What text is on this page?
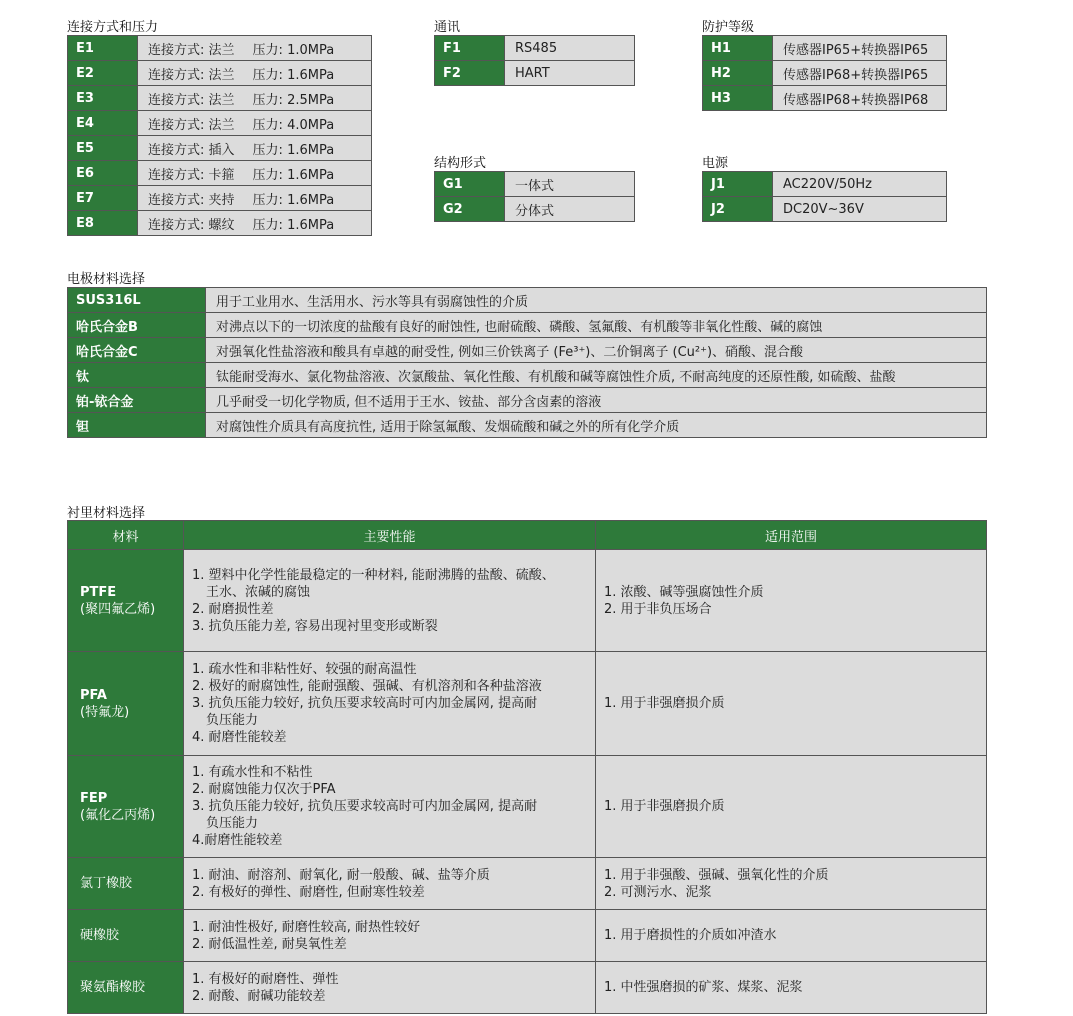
连接方式和压力
E1	连接方式: 法兰 压力: 1.0MPa
E2	连接方式: 法兰 压力: 1.6MPa
E3	连接方式: 法兰 压力: 2.5MPa
E4	连接方式: 法兰 压力: 4.0MPa
E5	连接方式: 插入 压力: 1.6MPa
E6	连接方式: 卡箍 压力: 1.6MPa
E7	连接方式: 夹持 压力: 1.6MPa
E8	连接方式: 螺纹 压力: 1.6MPa
通讯
F1	RS485
F2	HART
防护等级
H1	传感器IP65+转换器IP65
H2	传感器IP68+转换器IP65
H3	传感器IP68+转换器IP68
结构形式
G1	一体式
G2	分体式
电源
J1	AC220V/50Hz
J2	DC20V~36V
电极材料选择
SUS316L	用于工业用水、生活用水、污水等具有弱腐蚀性的介质
哈氏合金B	对沸点以下的一切浓度的盐酸有良好的耐蚀性, 也耐硫酸、磷酸、氢氟酸、有机酸等非氧化性酸、碱的腐蚀
哈氏合金C	对强氧化性盐溶液和酸具有卓越的耐受性, 例如三价铁离子 (Fe³⁺)、二价铜离子 (Cu²⁺)、硝酸、混合酸
钛	钛能耐受海水、氯化物盐溶液、次氯酸盐、氧化性酸、有机酸和碱等腐蚀性介质, 不耐高纯度的还原性酸, 如硫酸、盐酸
铂-铱合金	几乎耐受一切化学物质, 但不适用于王水、铵盐、部分含卤素的溶液
钽	对腐蚀性介质具有高度抗性, 适用于除氢氟酸、发烟硫酸和碱之外的所有化学介质
衬里材料选择
材料	主要性能	适用范围

PTFE
(聚四氟乙烯)	1. 塑料中化学性能最稳定的一种材料, 能耐沸腾的盐酸、硫酸、
王水、浓碱的腐蚀
2. 耐磨损性差
3. 抗负压能力差, 容易出现衬里变形或断裂	1. 浓酸、碱等强腐蚀性介质
2. 用于非负压场合

PFA
(特氟龙)	1. 疏水性和非粘性好、较强的耐高温性
2. 极好的耐腐蚀性, 能耐强酸、强碱、有机溶剂和各种盐溶液
3. 抗负压能力较好, 抗负压要求较高时可内加金属网, 提高耐
负压能力
4. 耐磨性能较差	1. 用于非强磨损介质

FEP
(氟化乙丙烯)	1. 有疏水性和不粘性
2. 耐腐蚀能力仅次于PFA
3. 抗负压能力较好, 抗负压要求较高时可内加金属网, 提高耐
负压能力
4.耐磨性能较差	1. 用于非强磨损介质

氯丁橡胶	1. 耐油、耐溶剂、耐氧化, 耐一般酸、碱、盐等介质
2. 有极好的弹性、耐磨性, 但耐寒性较差	1. 用于非强酸、强碱、强氧化性的介质
2. 可测污水、泥浆

硬橡胶	1. 耐油性极好, 耐磨性较高, 耐热性较好
2. 耐低温性差, 耐臭氧性差	1. 用于磨损性的介质如冲渣水

聚氨酯橡胶	1. 有极好的耐磨性、弹性
2. 耐酸、耐碱功能较差	1. 中性强磨损的矿浆、煤浆、泥浆
